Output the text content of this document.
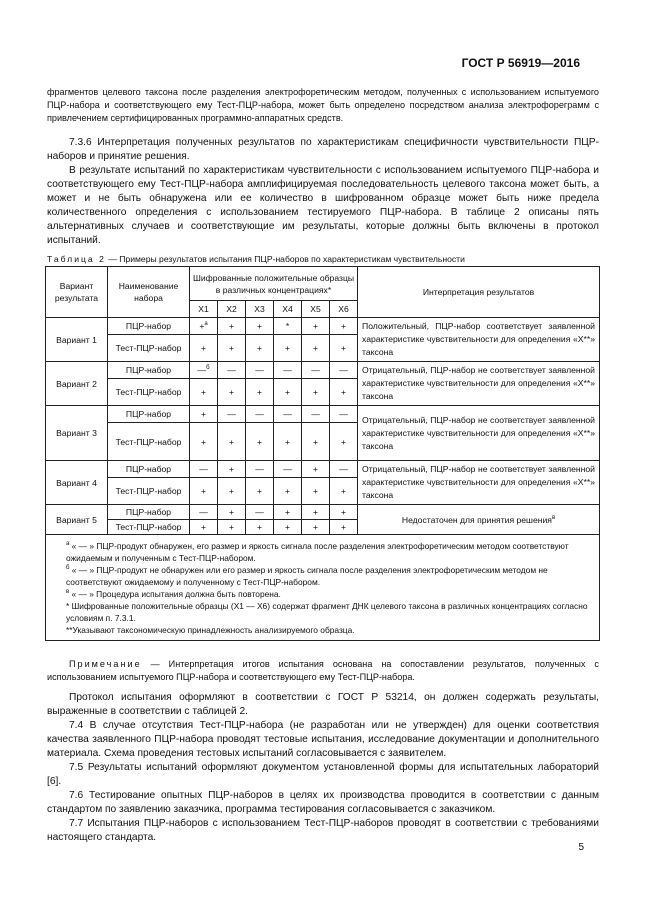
ГОСТ Р 56919—2016

фрагментов целевого таксона после разделения электрофоретическим методом, полученных с использованием испытуемого ПЦР-набора и соответствующего ему Тест-ПЦР-набора, может быть определено посредством анализа электрофореграмм с привлечением сертифицированных программно-аппаратных средств.

7.3.6 Интерпретация полученных результатов по характеристикам специфичности чувствительности ПЦР-наборов и принятие решения.

В результате испытаний по характеристикам чувствительности с использованием испытуемого ПЦР-набора и соответствующего ему Тест-ПЦР-набора амплифицируемая последовательность целевого таксона может быть, а может и не быть обнаружена или ее количество в шифрованном образце может быть ниже предела количественного определения с использованием тестируемого ПЦР-набора. В таблице 2 описаны пять альтернативных случаев и соответствующие им результаты, которые должны быть включены в протокол испытаний.

Таблица 2 — Примеры результатов испытания ПЦР-наборов по характеристикам чувствительности
Вариант результата	Наименование набора	Шифрованные положительные образцы в различных концентрациях*						Интерпретация результатов
		Х1	Х2	Х3	Х4	Х5	Х6	
Вариант 1	ПЦР-набор	+$^а$	+	+	*	+	+	Положительный, ПЦР-набор соответствует заявленной характеристике чувствительности для определения «Х**» таксона
	Тест-ПЦР-набор	+	+	+	+	+	+	
Вариант 2	ПЦР-набор	—$^б$	—	—	—	—	—	Отрицательный, ПЦР-набор не соответствует заявленной характеристике чувствительности для определения «Х**» таксона
	Тест-ПЦР-набор	+	+	+	+	+	+	
Вариант 3	ПЦР-набор	+	—	—	—	—	—	Отрицательный, ПЦР-набор не соответствует заявленной характеристике чувствительности для определения «Х**» таксона
	Тест-ПЦР-набор	+	+	+	+	+	+	
Вариант 4	ПЦР-набор	—	+	—	—	+	—	Отрицательный, ПЦР-набор не соответствует заявленной характеристике чувствительности для определения «Х**» таксона
	Тест-ПЦР-набор	+	+	+	+	+	+	
Вариант 5	ПЦР-набор	—	+	—	+	+	+	Недостаточен для принятия решения$^в$
	Тест-ПЦР-набор	+	+	+	+	+	+	

$^а$ « — » ПЦР-продукт обнаружен, его размер и яркость сигнала после разделения электрофоретическим методом соответствуют ожидаемым и полученным с Тест-ПЦР-набором.
$^б$ « — » ПЦР-продукт не обнаружен или его размер и яркость сигнала после разделения электрофоретическим методом не соответствуют ожидаемому и полученному с Тест-ПЦР-набором.
$^в$ « — » Процедура испытания должна быть повторена.
* Шифрованные положительные образцы (Х1 — Х6) содержат фрагмент ДНК целевого таксона в различных концентрациях согласно условиям п. 7.3.1.
**Указывают таксономическую принадлежность анализируемого образца.								

Примечание — Интерпретация итогов испытания основана на сопоставлении результатов, полученных с использованием испытуемого ПЦР-набора и соответствующего ему Тест-ПЦР-набора.

Протокол испытания оформляют в соответствии с ГОСТ Р 53214, он должен содержать результаты, выраженные в соответствии с таблицей 2.

7.4 В случае отсутствия Тест-ПЦР-набора (не разработан или не утвержден) для оценки соответствия качества заявленного ПЦР-набора проводят тестовые испытания, исследование документации и дополнительного материала. Схема проведения тестовых испытаний согласовывается с заявителем.

7.5 Результаты испытаний оформляют документом установленной формы для испытательных лабораторий [6].

7.6 Тестирование опытных ПЦР-наборов в целях их производства проводится в соответствии с данным стандартом по заявлению заказчика, программа тестирования согласовывается с заказчиком.

7.7 Испытания ПЦР-наборов с использованием Тест-ПЦР-наборов проводят в соответствии с требованиями настоящего стандарта.

5
